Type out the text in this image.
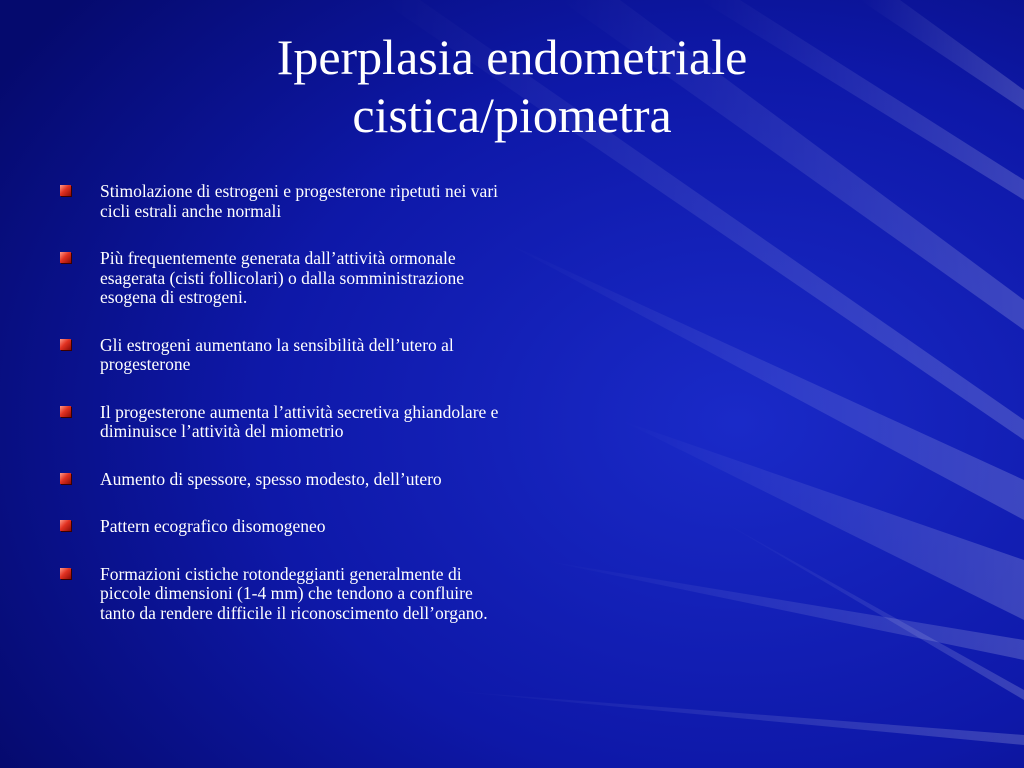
Iperplasia endometriale
cistica/piometra
Stimolazione di estrogeni e progesterone ripetuti nei vari cicli estrali anche normali
Più frequentemente generata dall’attività ormonale esagerata (cisti follicolari) o dalla somministrazione esogena di estrogeni.
Gli estrogeni aumentano la sensibilità dell’utero al progesterone
Il progesterone aumenta l’attività secretiva ghiandolare e diminuisce l’attività del miometrio
Aumento di spessore, spesso modesto, dell’utero
Pattern ecografico disomogeneo
Formazioni cistiche rotondeggianti generalmente di piccole dimensioni (1-4 mm) che tendono a confluire tanto da rendere difficile il riconoscimento dell’organo.
